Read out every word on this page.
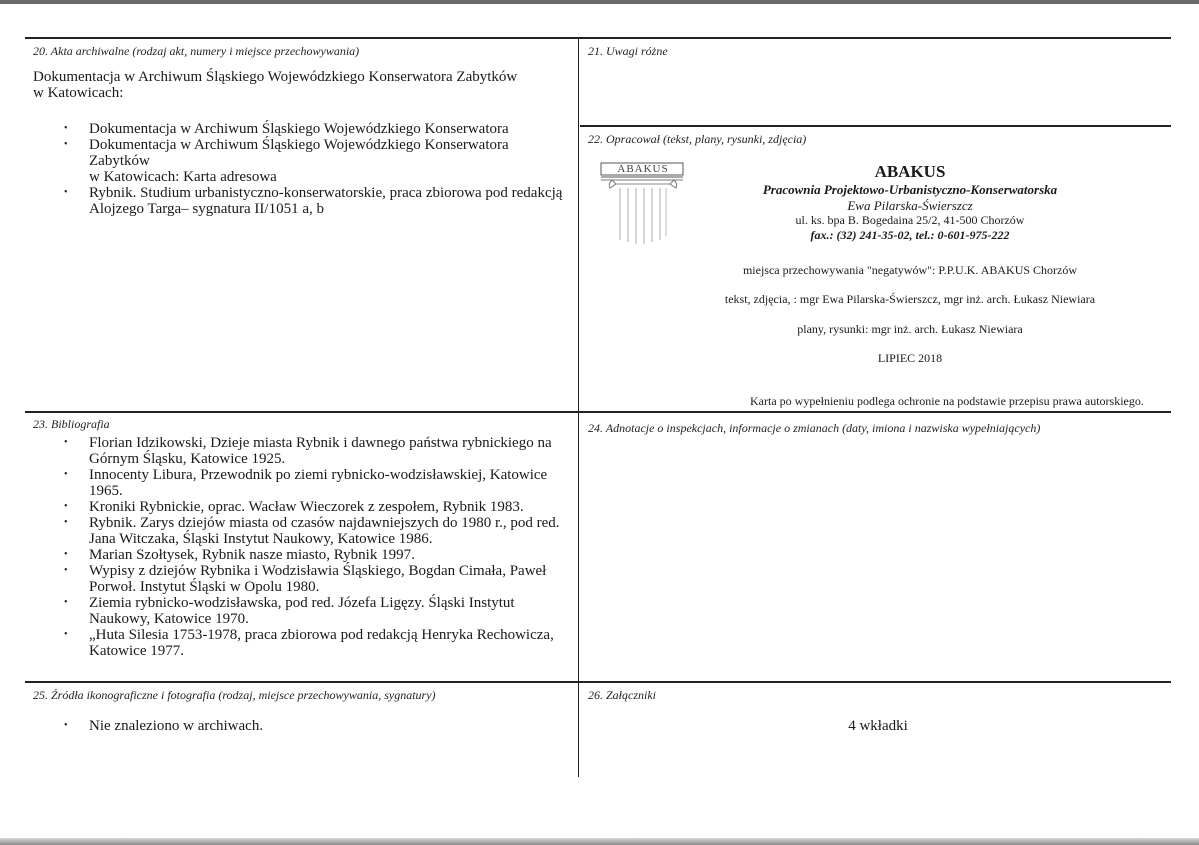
20. Akta archiwalne (rodzaj akt, numery i miejsce przechowywania)
Dokumentacja w Archiwum Śląskiego Wojewódzkiego Konserwatora Zabytków
w Katowicach:
• Dokumentacja w Archiwum Śląskiego Wojewódzkiego Konserwatora
• Dokumentacja w Archiwum Śląskiego Wojewódzkiego Konserwatora Zabytków
w Katowicach: Karta adresowa
• Rybnik. Studium urbanistyczno-konserwatorskie, praca zbiorowa pod redakcją
Alojzego Targa– sygnatura II/1051 a, b
21. Uwagi różne
22. Opracował (tekst, plany, rysunki, zdjęcia)
ABAKUS	ABAKUS
Pracownia Projektowo-Urbanistyczno-Konserwatorska
Ewa Pilarska-Świerszcz
ul. ks. bpa B. Bogedaina 25/2, 41-500 Chorzów
fax.: (32) 241-35-02, tel.: 0-601-975-222
miejsca przechowywania "negatywów": P.P.U.K. ABAKUS Chorzów
tekst, zdjęcia, : mgr Ewa Pilarska-Świerszcz, mgr inż. arch. Łukasz Niewiara
plany, rysunki: mgr inż. arch. Łukasz Niewiara
LIPIEC 2018
Karta po wypełnieniu podlega ochronie na podstawie przepisu prawa autorskiego.
23. Bibliografia
• Florian Idzikowski, Dzieje miasta Rybnik i dawnego państwa rybnickiego na
Górnym Śląsku, Katowice 1925.
• Innocenty Libura, Przewodnik po ziemi rybnicko-wodzisławskiej, Katowice
1965.
• Kroniki Rybnickie, oprac. Wacław Wieczorek z zespołem, Rybnik 1983.
• Rybnik. Zarys dziejów miasta od czasów najdawniejszych do 1980 r., pod red.
Jana Witczaka, Śląski Instytut Naukowy, Katowice 1986.
• Marian Szołtysek, Rybnik nasze miasto, Rybnik 1997.
• Wypisy z dziejów Rybnika i Wodzisławia Śląskiego, Bogdan Cimała, Paweł
Porwoł. Instytut Śląski w Opolu 1980.
• Ziemia rybnicko-wodzisławska, pod red. Józefa Ligęzy. Śląski Instytut
Naukowy, Katowice 1970.
• „Huta Silesia 1753-1978, praca zbiorowa pod redakcją Henryka Rechowicza,
Katowice 1977.
24. Adnotacje o inspekcjach, informacje o zmianach (daty, imiona i nazwiska wypełniających)
25. Źródła ikonograficzne i fotografia (rodzaj, miejsce przechowywania, sygnatury)
• Nie znaleziono w archiwach.
26. Załączniki
4 wkładki
